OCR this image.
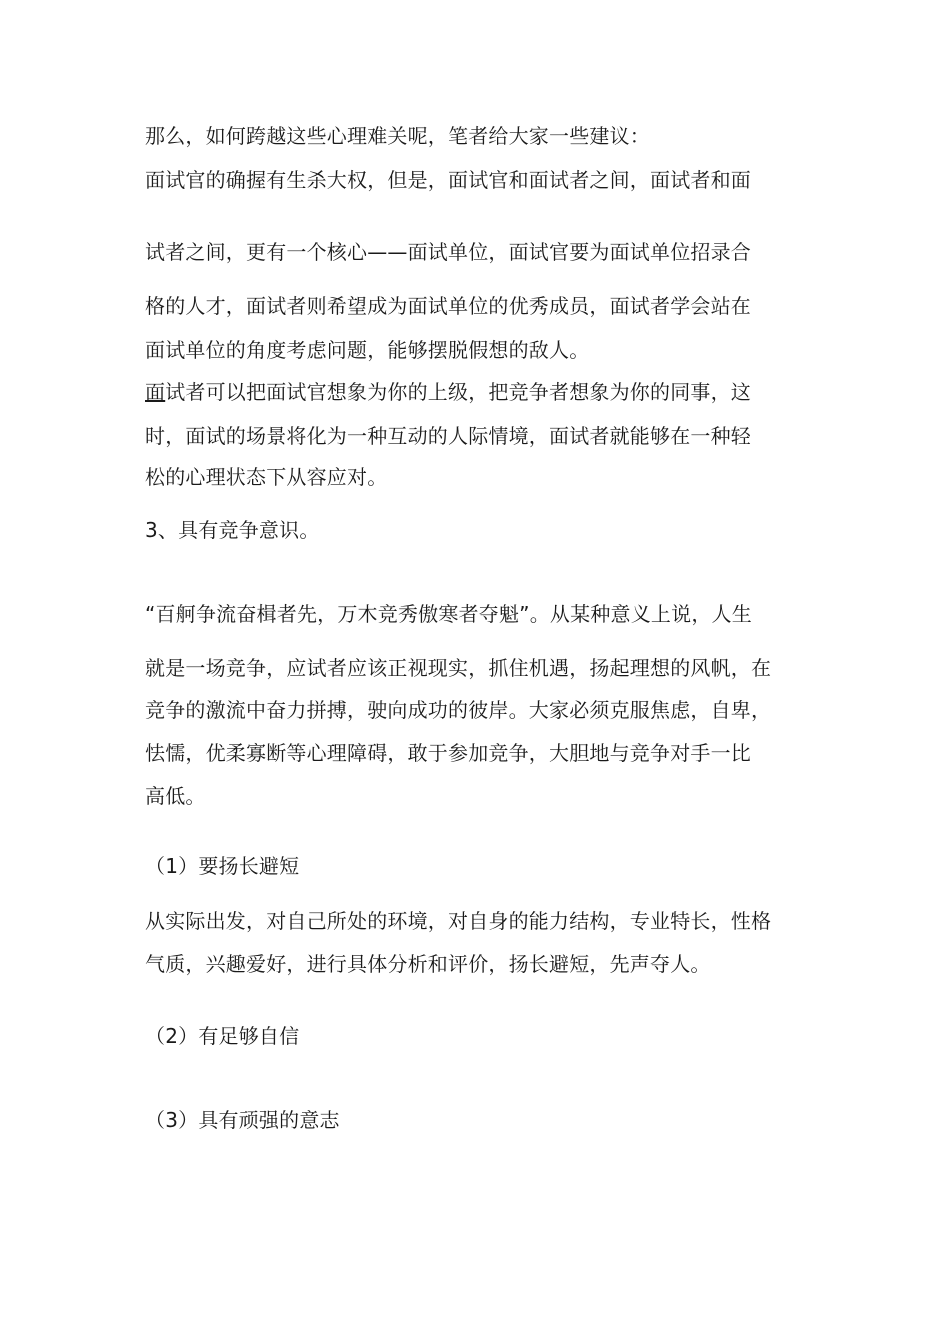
那么，如何跨越这些心理难关呢，笔者给大家一些建议：
面试官的确握有生杀大权，但是，面试官和面试者之间，面试者和面
试者之间，更有一个核心——面试单位，面试官要为面试单位招录合
格的人才，面试者则希望成为面试单位的优秀成员，面试者学会站在
面试单位的角度考虑问题，能够摆脱假想的敌人。
面试者可以把面试官想象为你的上级，把竞争者想象为你的同事，这
时，面试的场景将化为一种互动的人际情境，面试者就能够在一种轻
松的心理状态下从容应对。
3、具有竞争意识。
“百舸争流奋楫者先，万木竞秀傲寒者夺魁”。从某种意义上说，人生
就是一场竞争，应试者应该正视现实，抓住机遇，扬起理想的风帆，在
竞争的激流中奋力拼搏，驶向成功的彼岸。大家必须克服焦虑，自卑，
怯懦，优柔寡断等心理障碍，敢于参加竞争，大胆地与竞争对手一比
高低。
（1）要扬长避短
从实际出发，对自己所处的环境，对自身的能力结构，专业特长，性格
气质，兴趣爱好，进行具体分析和评价，扬长避短，先声夺人。
（2）有足够自信
（3）具有顽强的意志
